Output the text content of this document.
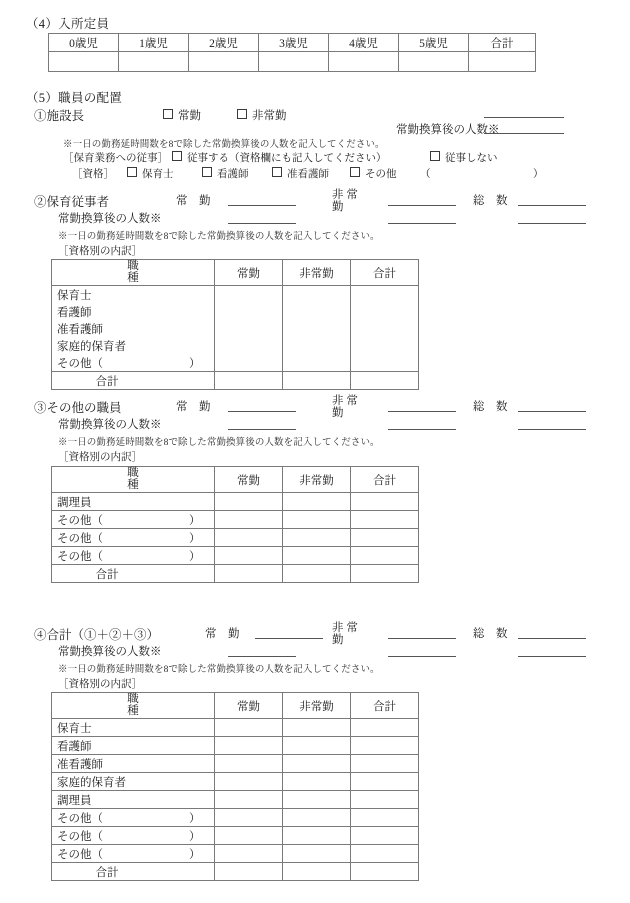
（4）入所定員
0歳児	1歳児	2歳児	3歳児	4歳児	5歳児	合計

（5）職員の配置
①施設長	常勤	非常勤
常勤換算後の人数※
※一日の勤務延時間数を8で除した常勤換算後の人数を記入してください。
［保育業務への従事］	従事する（資格欄にも記入してください）	従事しない
［資格］	保育士	看護師	准看護師	その他 （	）
②保育従事者	常　勤	非 常
勤	総　数
常勤換算後の人数※
※一日の勤務延時間数を8で除した常勤換算後の人数を記入してください。
［資格別の内訳］
職
種	常勤	非常勤	合計
保育士			
看護師			
准看護師			
家庭的保育者			
その他（ ）			
合計			
③その他の職員	常　勤	非 常
勤	総　数
常勤換算後の人数※
※一日の勤務延時間数を8で除した常勤換算後の人数を記入してください。
［資格別の内訳］
職
種	常勤	非常勤	合計
調理員			
その他（ ）			
その他（ ）			
その他（ ）			
合計			
④合計（①＋②＋③）	常　勤	非 常
勤	総　数
常勤換算後の人数※
※一日の勤務延時間数を8で除した常勤換算後の人数を記入してください。
［資格別の内訳］
職
種	常勤	非常勤	合計
保育士			
看護師			
准看護師			
家庭的保育者			
調理員			
その他（ ）			
その他（ ）			
その他（ ）			
合計			
